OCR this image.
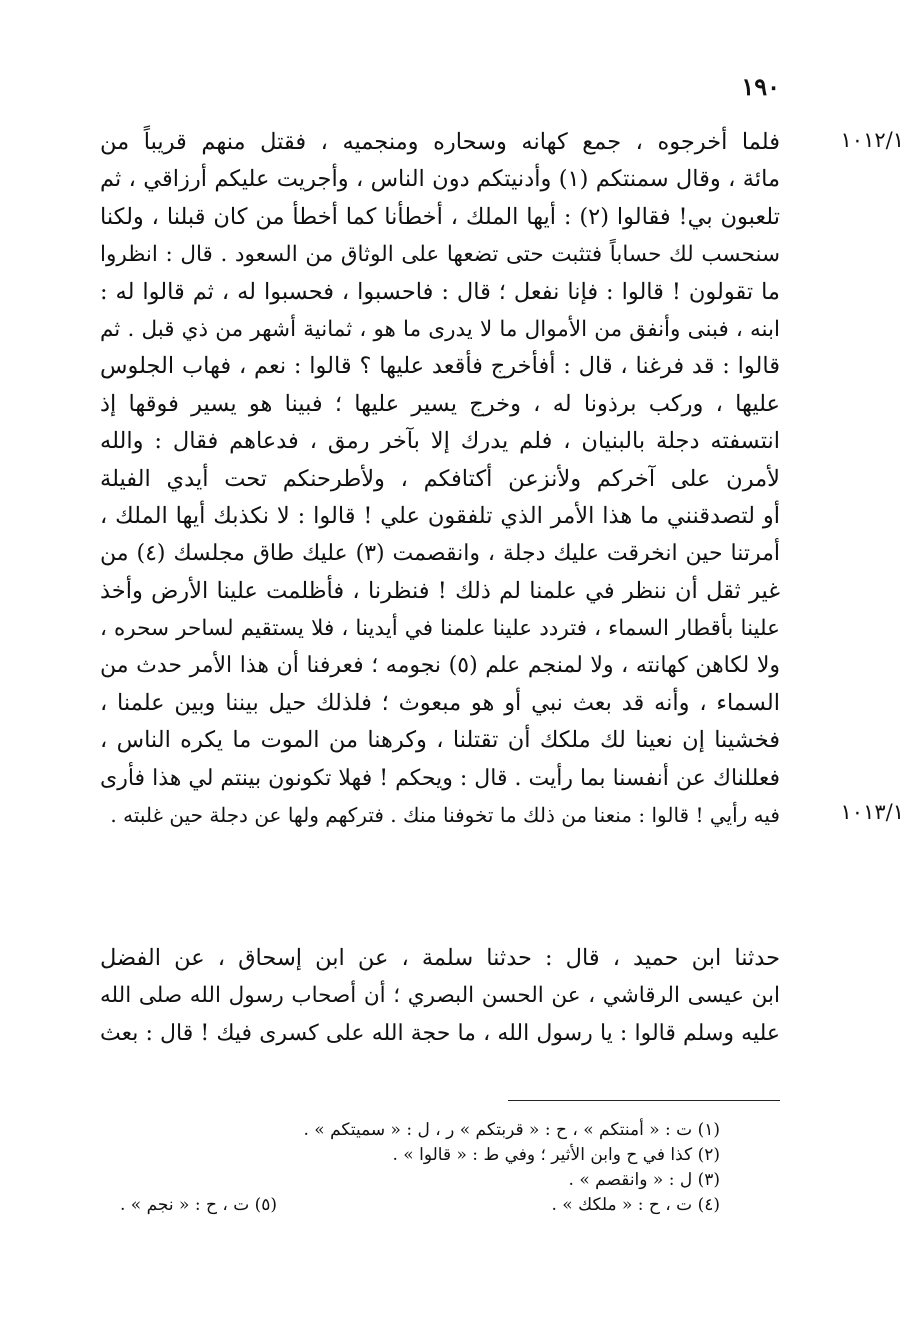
١٩٠
١٠١٢/١
١٠١٣/١
فلما أخرجوه ، جمع كهانه وسحاره ومنجميه ، فقتل منهم قريباً من
مائة ، وقال سمنتكم (١) وأدنيتكم دون الناس ، وأجريت عليكم أرزاقي ، ثم
تلعبون بي! فقالوا (٢) : أيها الملك ، أخطأنا كما أخطأ من كان قبلنا ، ولكنا
سنحسب لك حساباً فتثبت حتى تضعها على الوثاق من السعود . قال : انظروا
ما تقولون ! قالوا : فإنا نفعل ؛ قال : فاحسبوا ، فحسبوا له ، ثم قالوا له :
ابنه ، فبنى وأنفق من الأموال ما لا يدرى ما هو ، ثمانية أشهر من ذي قبل . ثم
قالوا : قد فرغنا ، قال : أفأخرج فأقعد عليها ؟ قالوا : نعم ، فهاب الجلوس
عليها ، وركب برذونا له ، وخرج يسير عليها ؛ فبينا هو يسير فوقها إذ
انتسفته دجلة بالبنيان ، فلم يدرك إلا بآخر رمق ، فدعاهم فقال : والله
لأمرن على آخركم ولأنزعن أكتافكم ، ولأطرحنكم تحت أيدي الفيلة
أو لتصدقنني ما هذا الأمر الذي تلفقون علي ! قالوا : لا نكذبك أيها الملك ،
أمرتنا حين انخرقت عليك دجلة ، وانقصمت (٣) عليك طاق مجلسك (٤) من
غير ثقل أن ننظر في علمنا لم ذلك ! فنظرنا ، فأظلمت علينا الأرض وأخذ
علينا بأقطار السماء ، فتردد علينا علمنا في أيدينا ، فلا يستقيم لساحر سحره ،
ولا لكاهن كهانته ، ولا لمنجم علم (٥) نجومه ؛ فعرفنا أن هذا الأمر حدث من
السماء ، وأنه قد بعث نبي أو هو مبعوث ؛ فلذلك حيل بيننا وبين علمنا ،
فخشينا إن نعينا لك ملكك أن تقتلنا ، وكرهنا من الموت ما يكره الناس ،
فعللناك عن أنفسنا بما رأيت . قال : ويحكم ! فهلا تكونون بينتم لي هذا فأرى
فيه رأيي ! قالوا : منعنا من ذلك ما تخوفنا منك . فتركهم ولها عن دجلة حين غلبته .
حدثنا ابن حميد ، قال : حدثنا سلمة ، عن ابن إسحاق ، عن الفضل
ابن عيسى الرقاشي ، عن الحسن البصري ؛ أن أصحاب رسول الله صلى الله
عليه وسلم قالوا : يا رسول الله ، ما حجة الله على كسرى فيك ! قال : بعث
(١) ت : « أمنتكم » ، ح : « قربتكم » ر ، ل : « سميتكم » .
(٢) كذا في ح وابن الأثير ؛ وفي ط : « قالوا » .
(٣) ل : « وانقصم » .
(٤) ت ، ح : « ملكك » .
(٥) ت ، ح : « نجم » .
